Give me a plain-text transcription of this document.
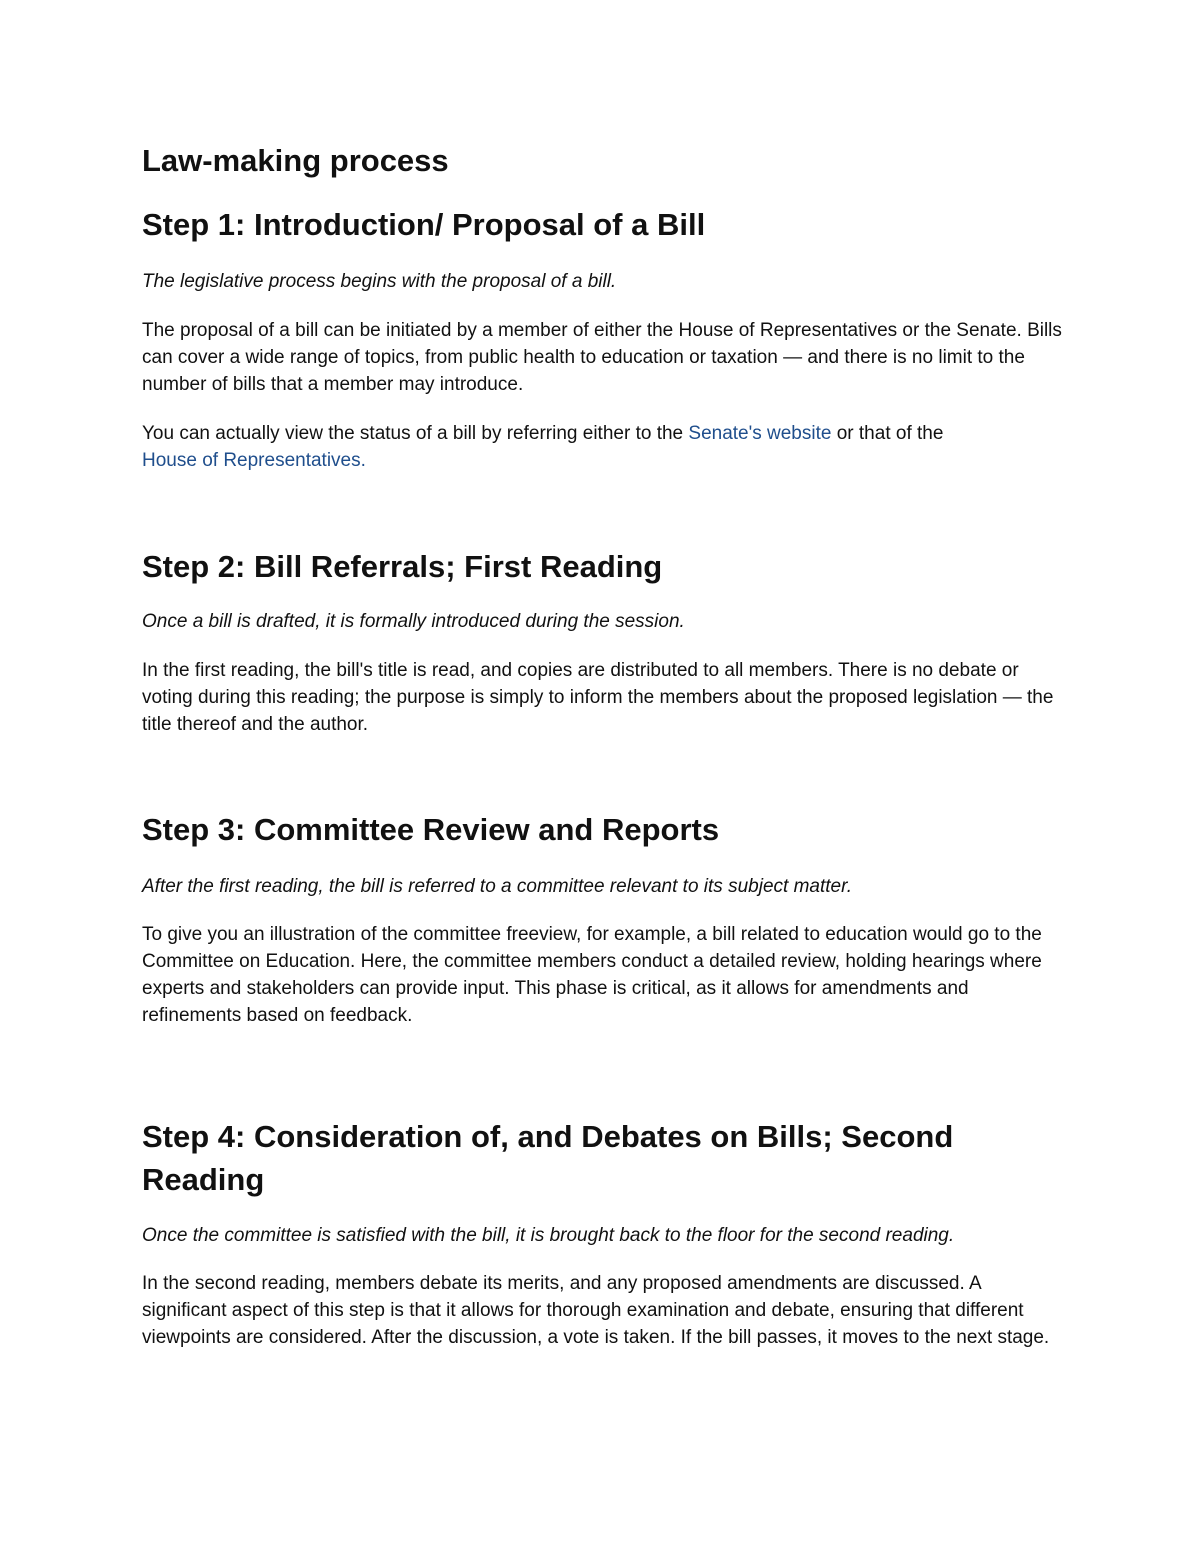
Law-making process
Step 1: Introduction/ Proposal of a Bill

The legislative process begins with the proposal of a bill.

The proposal of a bill can be initiated by a member of either the House of Representatives or the Senate. Bills can cover a wide range of topics, from public health to education or taxation — and there is no limit to the number of bills that a member may introduce.

You can actually view the status of a bill by referring either to the Senate's website or that of the
House of Representatives.

Step 2: Bill Referrals; First Reading

Once a bill is drafted, it is formally introduced during the session.

In the first reading, the bill's title is read, and copies are distributed to all members. There is no debate or voting during this reading; the purpose is simply to inform the members about the proposed legislation — the title thereof and the author.

Step 3: Committee Review and Reports

After the first reading, the bill is referred to a committee relevant to its subject matter.

To give you an illustration of the committee freeview, for example, a bill related to education would go to the Committee on Education. Here, the committee members conduct a detailed review, holding hearings where experts and stakeholders can provide input. This phase is critical, as it allows for amendments and refinements based on feedback.

Step 4: Consideration of, and Debates on Bills; Second Reading

Once the committee is satisfied with the bill, it is brought back to the floor for the second reading.

In the second reading, members debate its merits, and any proposed amendments are discussed. A significant aspect of this step is that it allows for thorough examination and debate, ensuring that different viewpoints are considered. After the discussion, a vote is taken. If the bill passes, it moves to the next stage.
